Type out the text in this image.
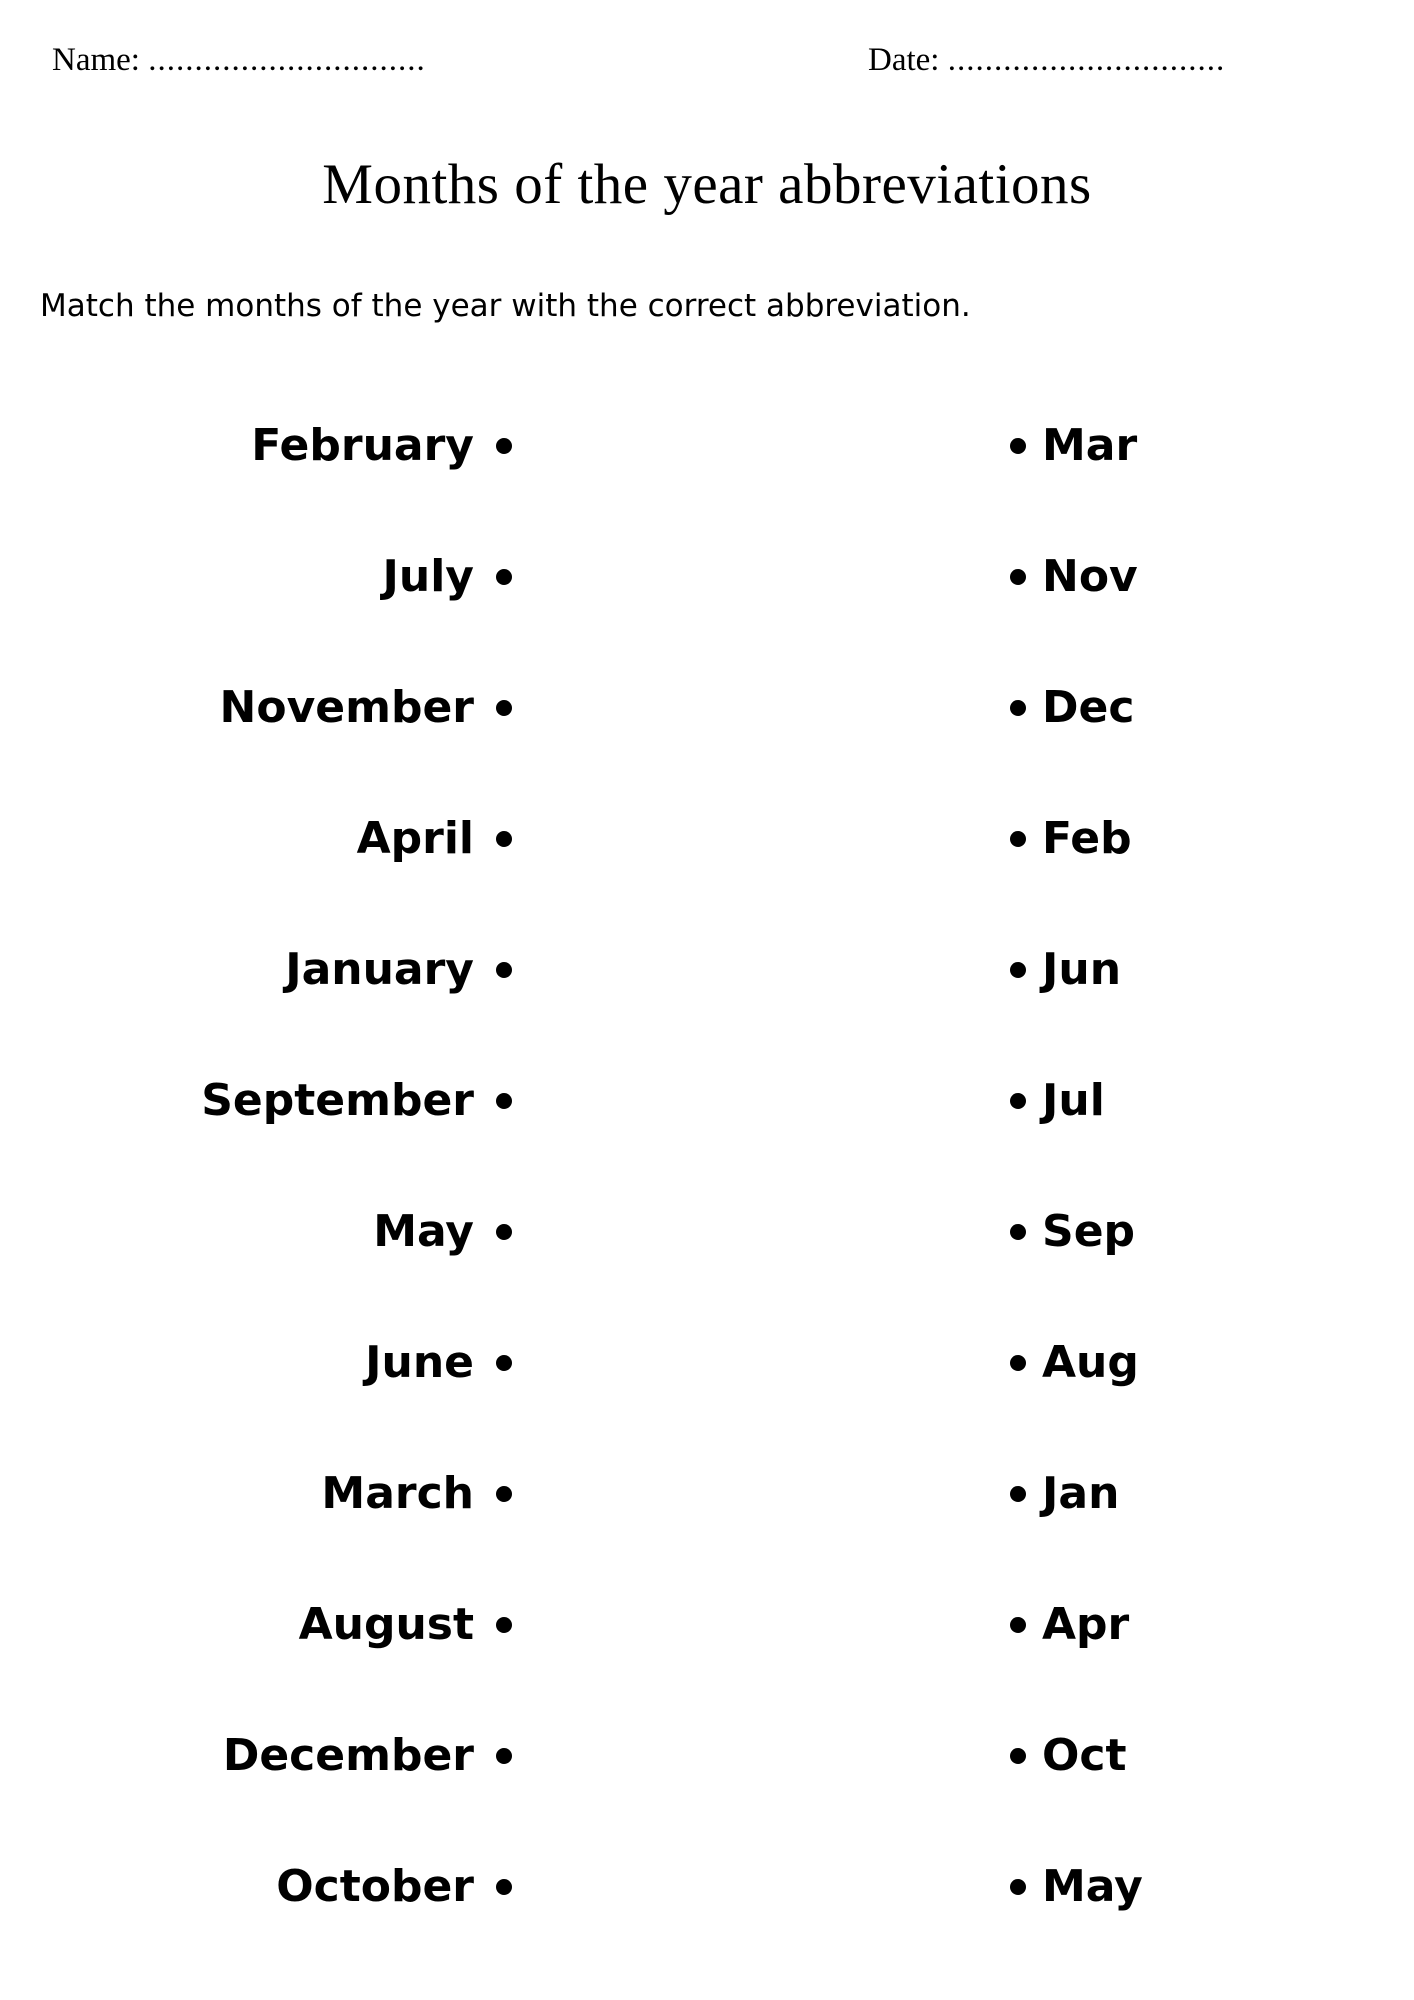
Name: ..............................	Date: ..............................
Months of the year abbreviations
Match the months of the year with the correct abbreviation.
February
July
November
April
January
September
May
June
March
August
December
October
Mar
Nov
Dec
Feb
Jun
Jul
Sep
Aug
Jan
Apr
Oct
May
